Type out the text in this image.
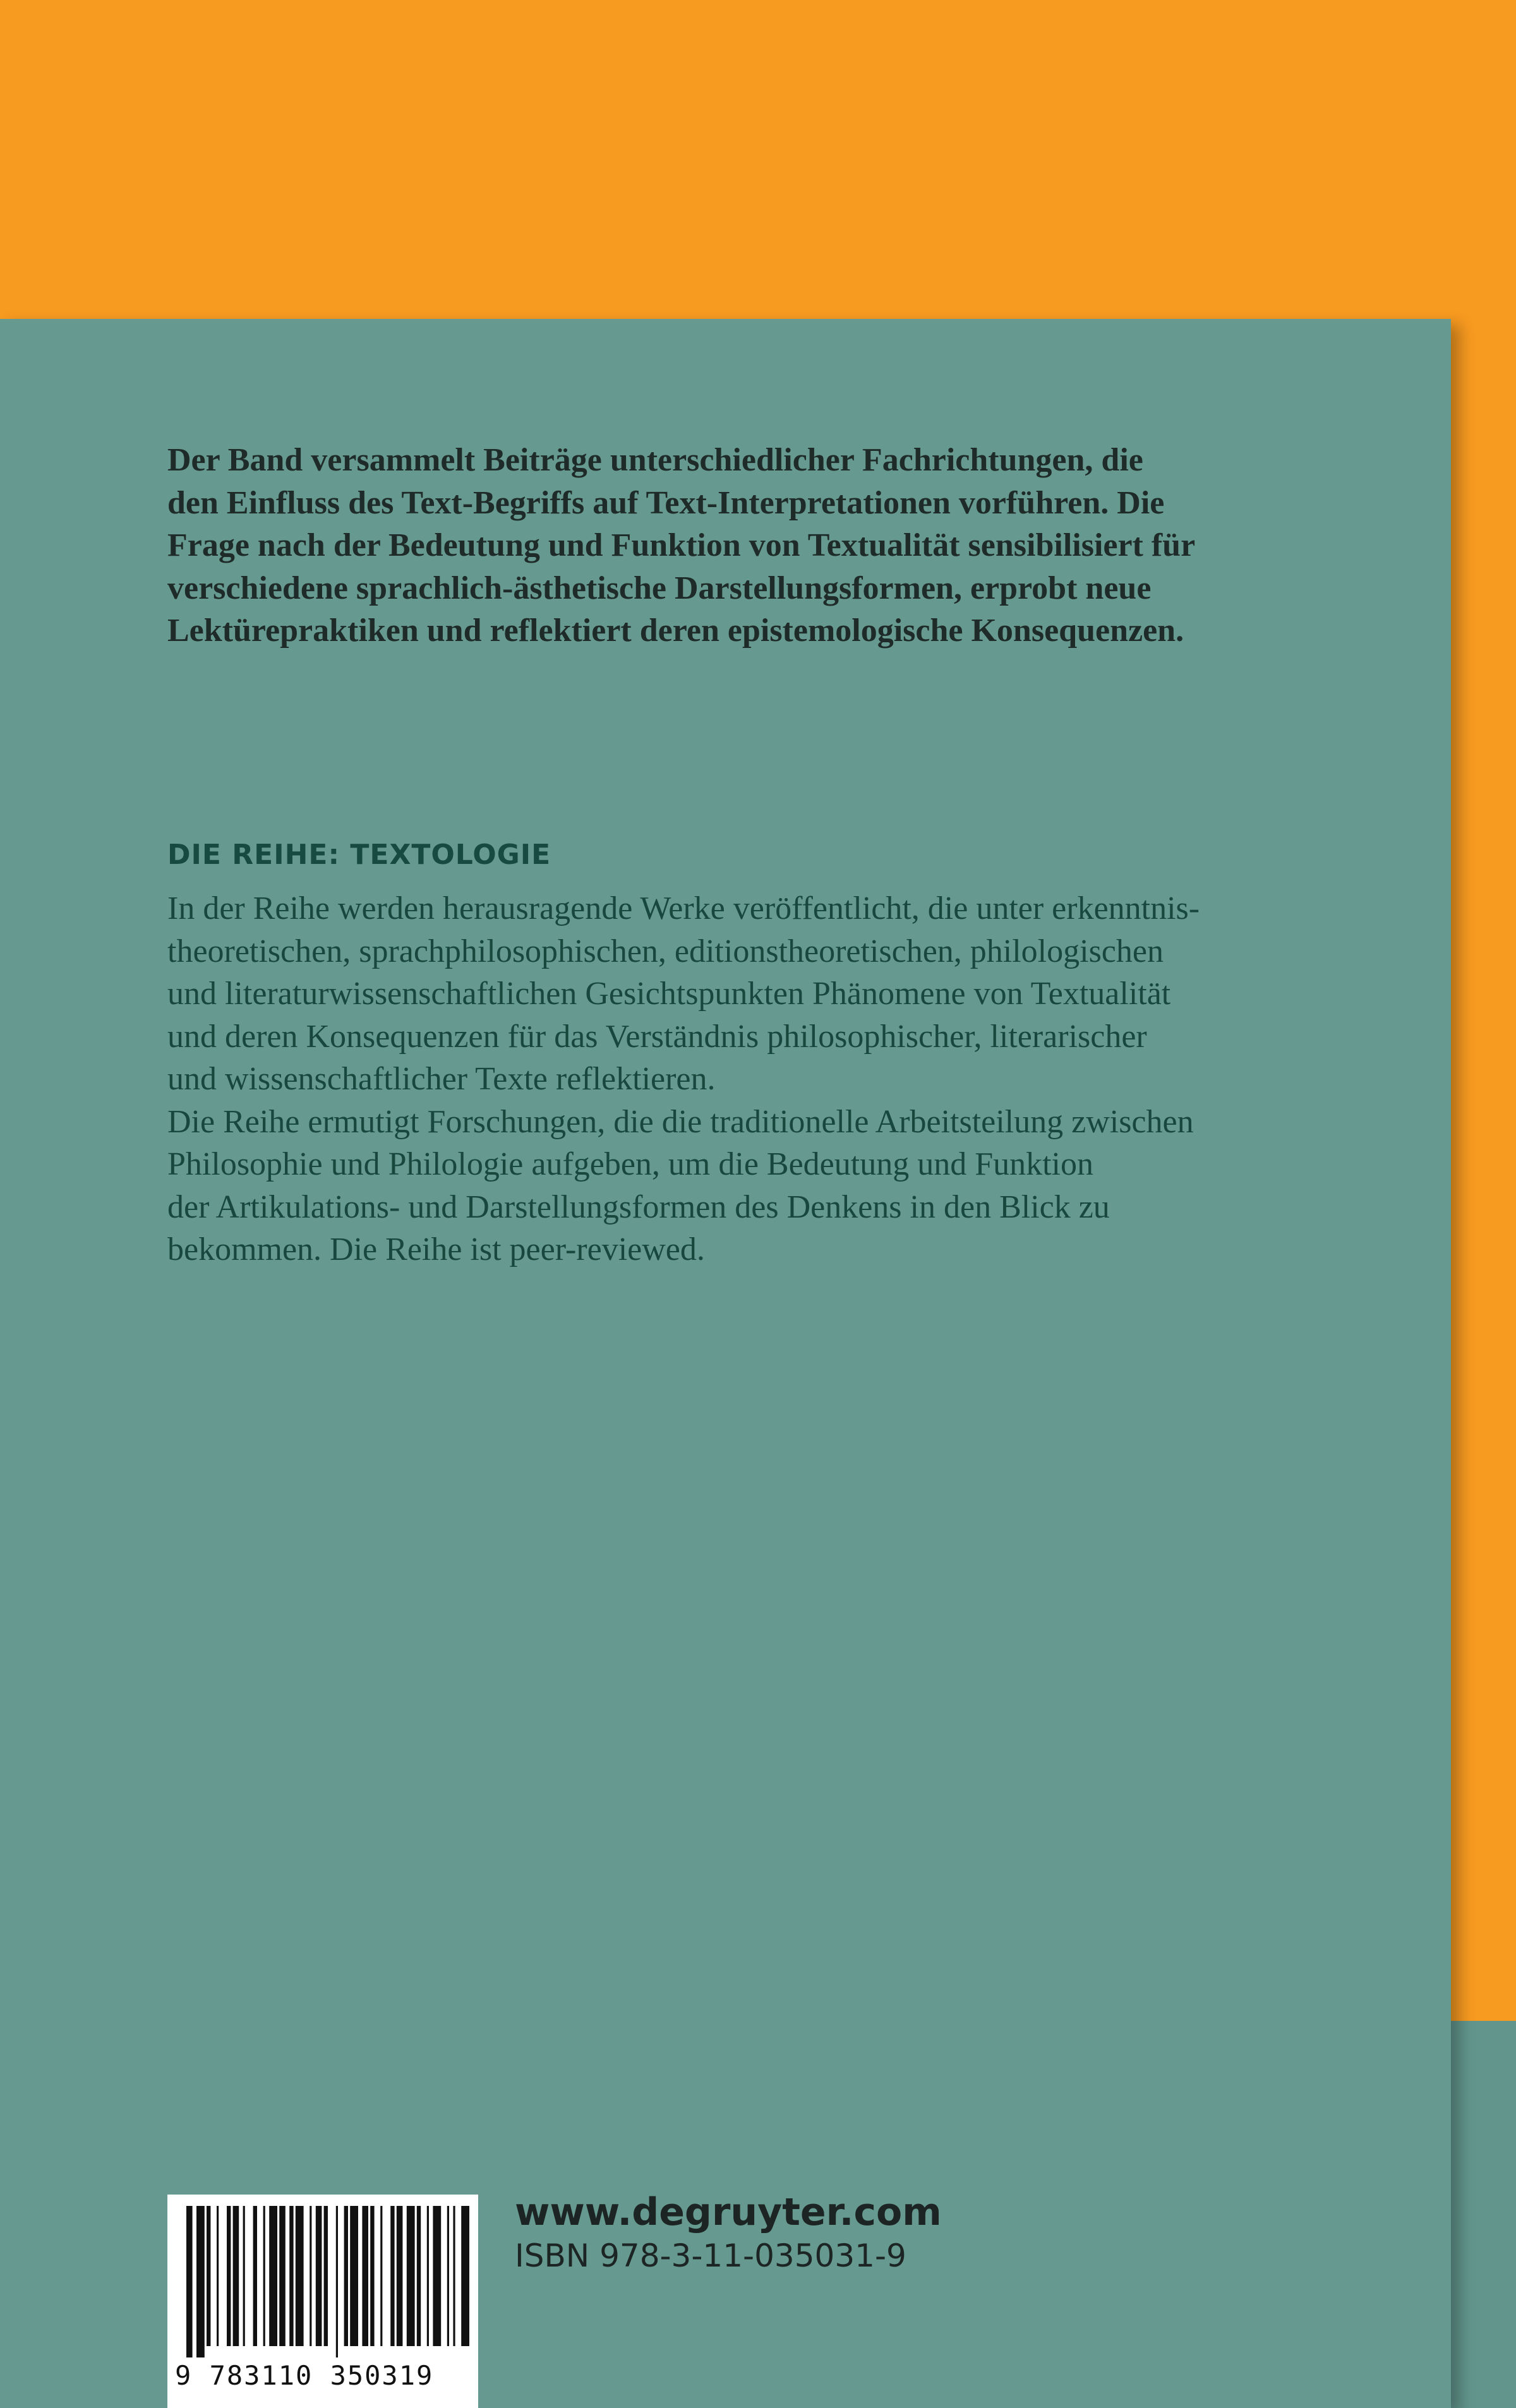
Der Band versammelt Beiträge unterschiedlicher Fachrichtungen, die
den Einfluss des Text-Begriffs auf Text-Interpretationen vorführen. Die
Frage nach der Bedeutung und Funktion von Textualität sensibilisiert für
verschiedene sprachlich-ästhetische Darstellungsformen, erprobt neue
Lektürepraktiken und reflektiert deren epistemologische Konsequenzen.

DIE REIHE: TEXTOLOGIE

In der Reihe werden herausragende Werke veröffentlicht, die unter erkenntnis-
theoretischen, sprachphilosophischen, editionstheoretischen, philologischen
und literaturwissenschaftlichen Gesichtspunkten Phänomene von Textualität
und deren Konsequenzen für das Verständnis philosophischer, literarischer
und wissenschaftlicher Texte reflektieren.
Die Reihe ermutigt Forschungen, die die traditionelle Arbeitsteilung zwischen
Philosophie und Philologie aufgeben, um die Bedeutung und Funktion
der Artikulations- und Darstellungsformen des Denkens in den Blick zu
bekommen. Die Reihe ist peer-reviewed.

9 783110 350319
www.degruyter.com
ISBN 978-3-11-035031-9
